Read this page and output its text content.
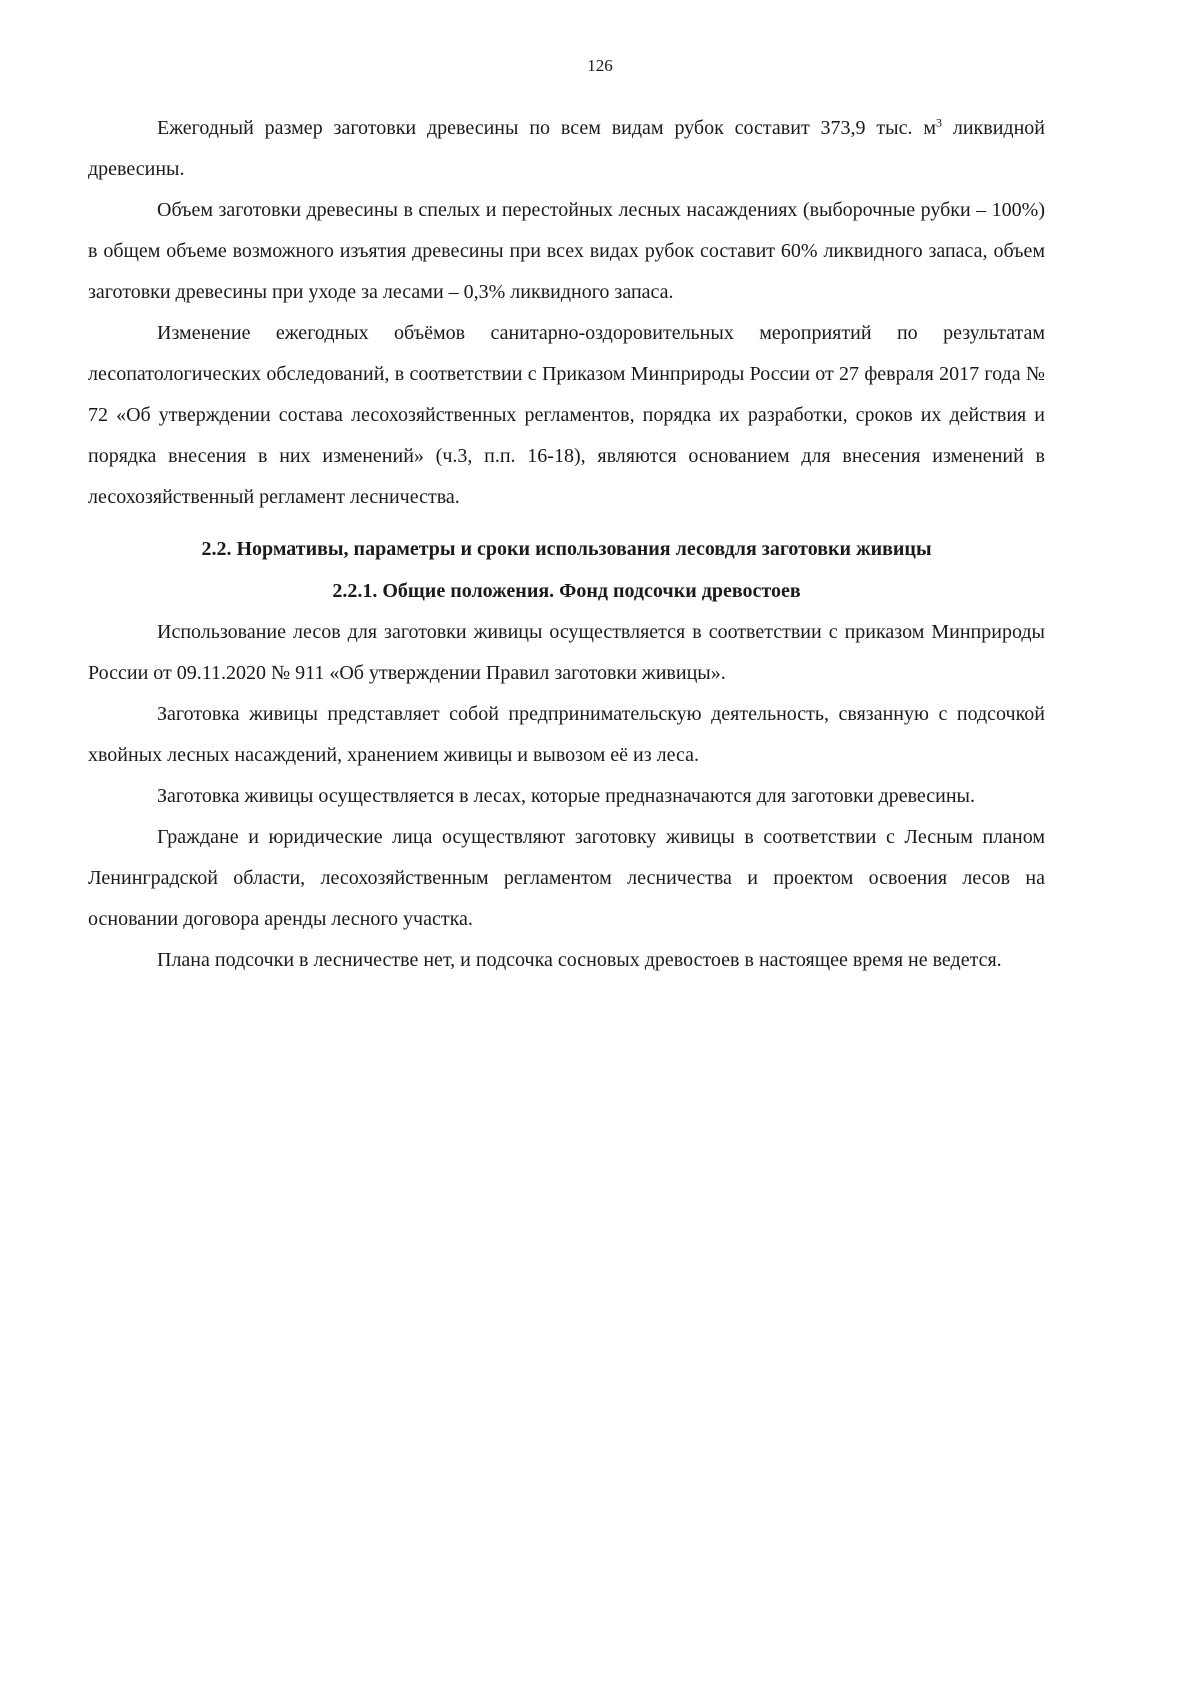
126

Ежегодный размер заготовки древесины по всем видам рубок составит 373,9 тыс. $м^3$ ликвидной древесины.

Объем заготовки древесины в спелых и перестойных лесных насаждениях (выборочные рубки – 100%) в общем объеме возможного изъятия древесины при всех видах рубок составит 60% ликвидного запаса, объем заготовки древесины при уходе за лесами – 0,3% ликвидного запаса.

Изменение ежегодных объёмов санитарно-оздоровительных мероприятий по результатам лесопатологических обследований, в соответствии с Приказом Минприроды России от 27 февраля 2017 года № 72 «Об утверждении состава лесохозяйственных регламентов, порядка их разработки, сроков их действия и порядка внесения в них изменений» (ч.3, п.п. 16-18), являются основанием для внесения изменений в лесохозяйственный регламент лесничества.

2.2. Нормативы, параметры и сроки использования лесовдля заготовки живицы

2.2.1. Общие положения. Фонд подсочки древостоев

Использование лесов для заготовки живицы осуществляется в соответствии с приказом Минприроды России от 09.11.2020 № 911 «Об утверждении Правил заготовки живицы».

Заготовка живицы представляет собой предпринимательскую деятельность, связанную с подсочкой хвойных лесных насаждений, хранением живицы и вывозом её из леса.

Заготовка живицы осуществляется в лесах, которые предназначаются для заготовки древесины.

Граждане и юридические лица осуществляют заготовку живицы в соответствии с Лесным планом Ленинградской области, лесохозяйственным регламентом лесничества и проектом освоения лесов на основании договора аренды лесного участка.

Плана подсочки в лесничестве нет, и подсочка сосновых древостоев в настоящее время не ведется.
